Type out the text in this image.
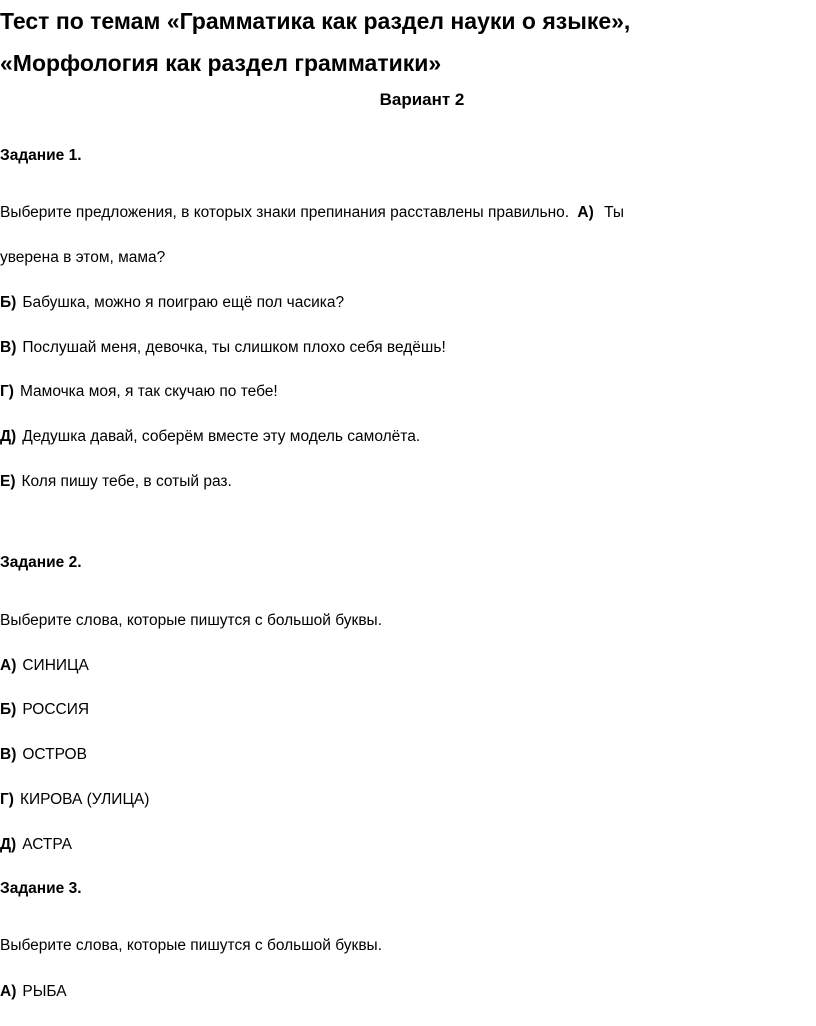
Тест по темам «Грамматика как раздел науки о языке»,
«Морфология как раздел грамматики»

Вариант 2

Задание 1.

Выберите предложения, в которых знаки препинания расставлены правильно. А) Ты

уверена в этом, мама?

Б) Бабушка, можно я поиграю ещё пол часика?

В) Послушай меня, девочка, ты слишком плохо себя ведёшь!

Г) Мамочка моя, я так скучаю по тебе!

Д) Дедушка давай, соберём вместе эту модель самолёта.

Е) Коля пишу тебе, в сотый раз.

Задание 2.

Выберите слова, которые пишутся с большой буквы.

А) СИНИЦА

Б) РОССИЯ

В) ОСТРОВ

Г) КИРОВА (УЛИЦА)

Д) АСТРА

Задание 3.

Выберите слова, которые пишутся с большой буквы.

А) РЫБА
